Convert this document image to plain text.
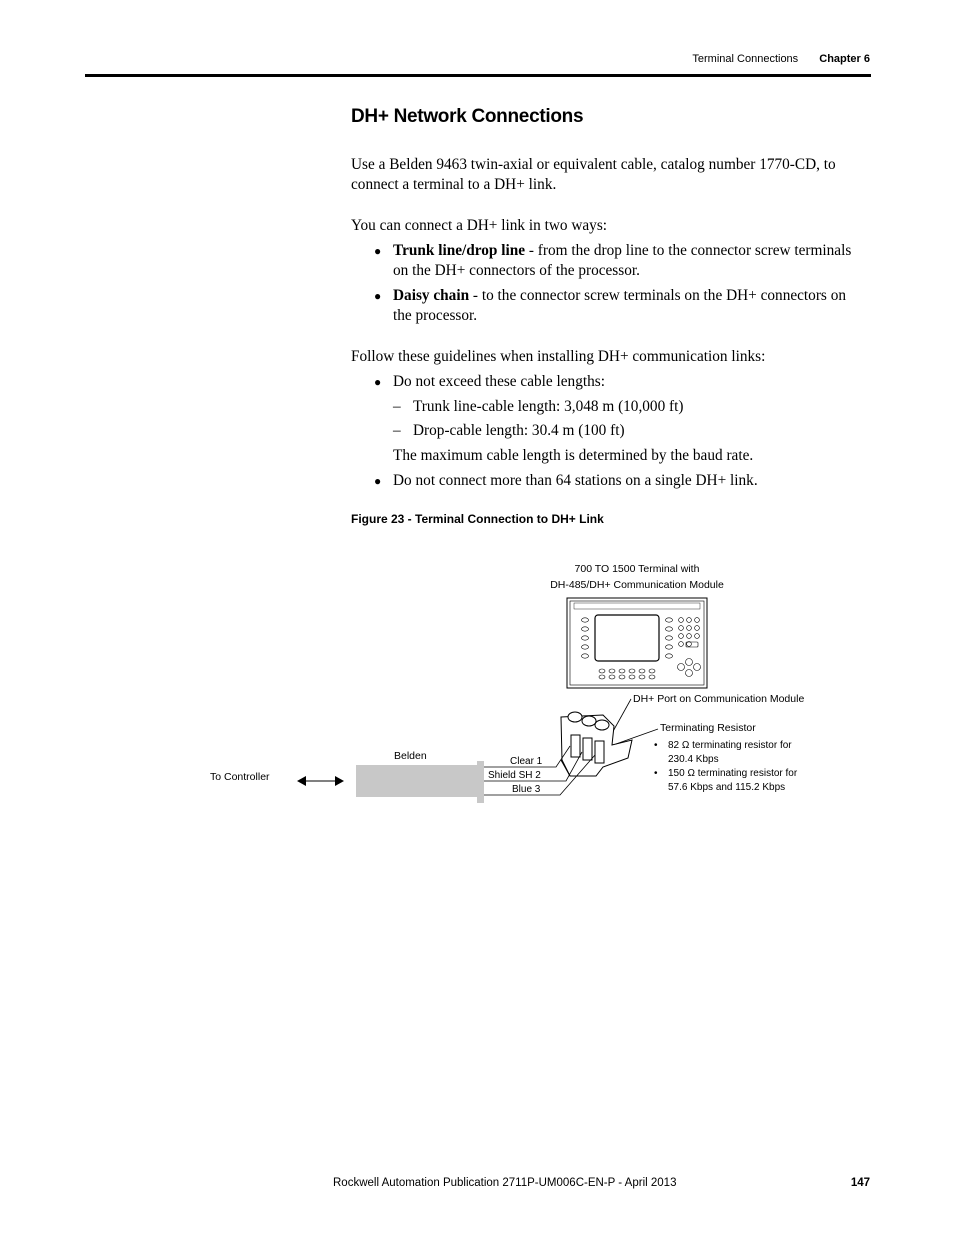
Terminal Connections Chapter 6
DH+ Network Connections

Use a Belden 9463 twin-axial or equivalent cable, catalog number 1770-CD, to connect a terminal to a DH+ link.

You can connect a DH+ link in two ways:

● Trunk line/drop line - from the drop line to the connector screw terminals on the DH+ connectors of the processor.
● Daisy chain - to the connector screw terminals on the DH+ connectors on the processor.

Follow these guidelines when installing DH+ communication links:

● Do not exceed these cable lengths:

– Trunk line-cable length: 3,048 m (10,000 ft)

– Drop-cable length: 30.4 m (100 ft)

The maximum cable length is determined by the baud rate.

● Do not connect more than 64 stations on a single DH+ link.

Figure 23 - Terminal Connection to DH+ Link

700 TO 1500 Terminal with
DH-485/DH+ Communication Module
DH+ Port on Communication Module
Terminating Resistor
• 82 Ω terminating resistor for
230.4 Kbps
• 150 Ω terminating resistor for
57.6 Kbps and 115.2 Kbps
Belden	Clear 1
Shield SH 2
Blue 3
To Controller
Rockwell Automation Publication 2711P-UM006C-EN-P - April 2013	147
